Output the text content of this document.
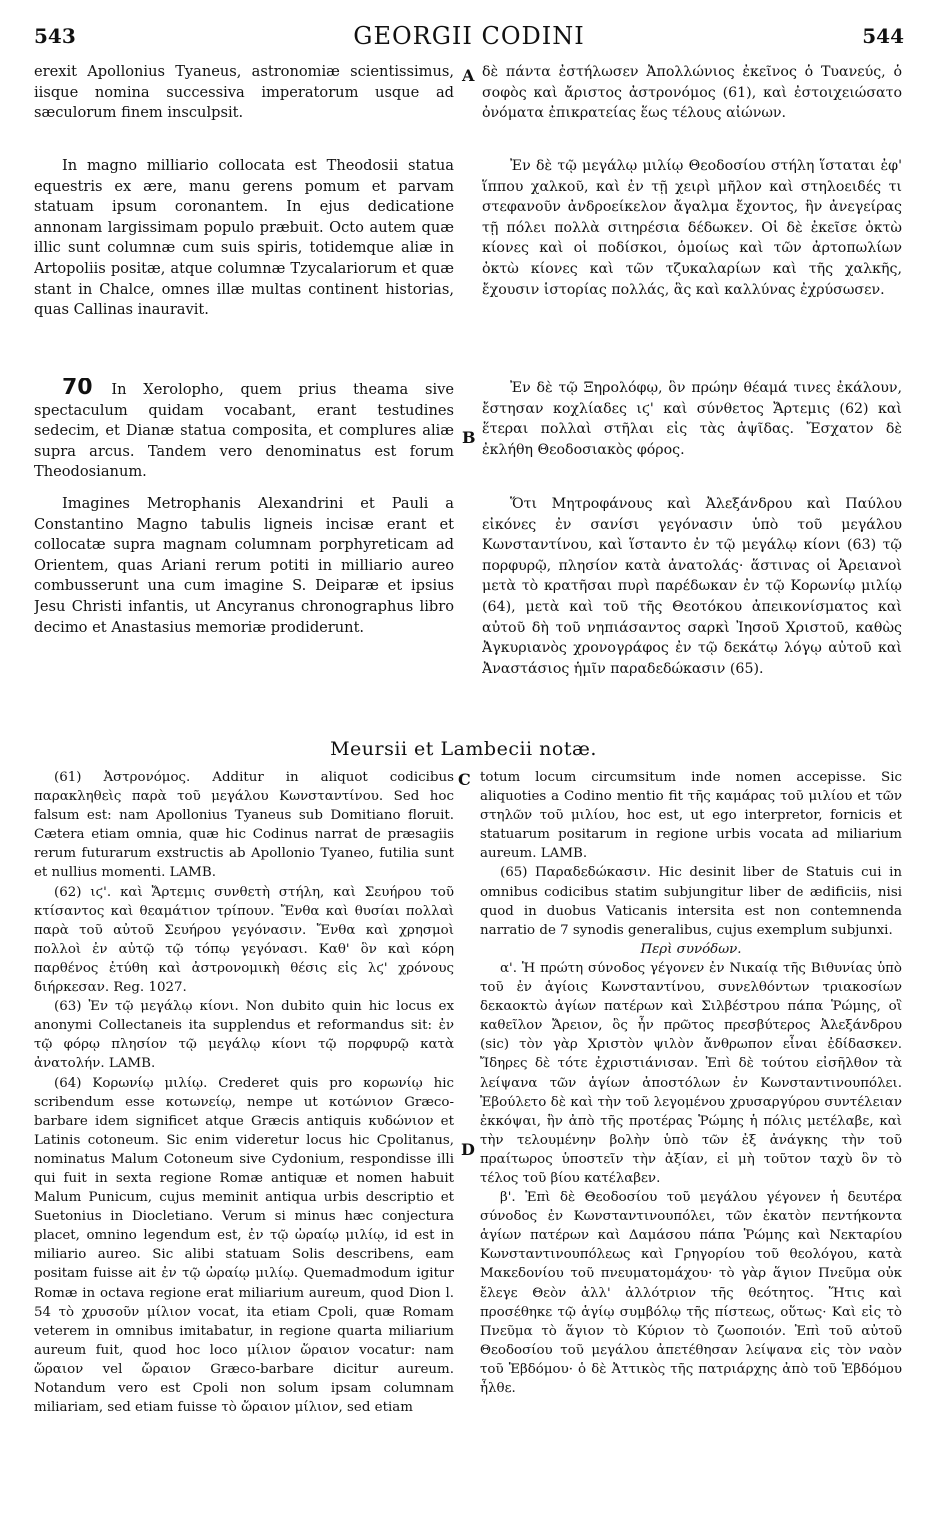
543	GEORGII CODINI	544

erexit Apollonius Tyaneus, astronomiæ scientissimus, iisque nomina successiva imperatorum usque ad sæculorum finem insculpsit.

In magno milliario collocata est Theodosii statua equestris ex ære, manu gerens pomum et parvam statuam ipsum coronantem. In ejus dedicatione annonam largissimam populo præbuit. Octo autem quæ illic sunt columnæ cum suis spiris, totidemque aliæ in Artopoliis positæ, atque columnæ Tzycalariorum et quæ stant in Chalce, omnes illæ multas continent historias, quas Callinas inauravit.

70 In Xerolopho, quem prius theama sive spectaculum quidam vocabant, erant testudines sedecim, et Dianæ statua composita, et complures aliæ supra arcus. Tandem vero denominatus est forum Theodosianum.

Imagines Metrophanis Alexandrini et Pauli a Constantino Magno tabulis ligneis incisæ erant et collocatæ supra magnam columnam porphyreticam ad Orientem, quas Ariani rerum potiti in milliario aureo combusserunt una cum imagine S. Deiparæ et ipsius Jesu Christi infantis, ut Ancyranus chronographus libro decimo et Anastasius memoriæ prodiderunt.

A
B
C
D

δὲ πάντα ἐστήλωσεν Ἀπολλώνιος ἐκεῖνος ὁ Τυανεύς, ὁ σοφὸς καὶ ἄριστος ἀστρονόμος (61), καὶ ἐστοιχειώσατο ὀνόματα ἐπικρατείας ἕως τέλους αἰώνων.

Ἐν δὲ τῷ μεγάλῳ μιλίῳ Θεοδοσίου στήλη ἵσταται ἐφ' ἵππου χαλκοῦ, καὶ ἐν τῇ χειρὶ μῆλον καὶ στηλοειδές τι στεφανοῦν ἀνδροείκελον ἄγαλμα ἔχοντος, ἣν ἀνεγείρας τῇ πόλει πολλὰ σιτηρέσια δέδωκεν. Οἱ δὲ ἐκεῖσε ὀκτὼ κίονες καὶ οἱ ποδίσκοι, ὁμοίως καὶ τῶν ἀρτοπωλίων ὀκτὼ κίονες καὶ τῶν τζυκαλαρίων καὶ τῆς χαλκῆς, ἔχουσιν ἱστορίας πολλάς, ἃς καὶ καλλύνας ἐχρύσωσεν.

Ἐν δὲ τῷ Ξηρολόφῳ, ὃν πρώην θέαμά τινες ἐκάλουν, ἔστησαν κοχλίαδες ιϛ' καὶ σύνθετος Ἄρτεμις (62) καὶ ἕτεραι πολλαὶ στῆλαι εἰς τὰς ἀψῖδας. Ἔσχατον δὲ ἐκλήθη Θεοδοσιακὸς φόρος.

Ὅτι Μητροφάνους καὶ Ἀλεξάνδρου καὶ Παύλου εἰκόνες ἐν σανίσι γεγόνασιν ὑπὸ τοῦ μεγάλου Κωνσταντίνου, καὶ ἵσταντο ἐν τῷ μεγάλῳ κίονι (63) τῷ πορφυρῷ, πλησίον κατὰ ἀνατολάς· ἅστινας οἱ Ἀρειανοὶ μετὰ τὸ κρατῆσαι πυρὶ παρέδωκαν ἐν τῷ Κορωνίῳ μιλίῳ (64), μετὰ καὶ τοῦ τῆς Θεοτόκου ἀπεικονίσματος καὶ αὐτοῦ δὴ τοῦ νηπιάσαντος σαρκὶ Ἰησοῦ Χριστοῦ, καθὼς Ἀγκυριανὸς χρονογράφος ἐν τῷ δεκάτῳ λόγῳ αὐτοῦ καὶ Ἀναστάσιος ἡμῖν παραδεδώκασιν (65).

Meursii et Lambecii notæ.

(61) Ἀστρονόμος. Additur in aliquot codicibus παρακληθεὶς παρὰ τοῦ μεγάλου Κωνσταντίνου. Sed hoc falsum est: nam Apollonius Tyaneus sub Domitiano floruit. Cætera etiam omnia, quæ hic Codinus narrat de præsagiis rerum futurarum exstructis ab Apollonio Tyaneo, futilia sunt et nullius momenti. LAMB.

(62) ιϛ'. καὶ Ἄρτεμις συνθετὴ στήλη, καὶ Σευήρου τοῦ κτίσαντος καὶ θεαμάτιον τρίπουν. Ἔνθα καὶ θυσίαι πολλαὶ παρὰ τοῦ αὐτοῦ Σευήρου γεγόνασιν. Ἔνθα καὶ χρησμοὶ πολλοὶ ἐν αὐτῷ τῷ τόπῳ γεγόνασι. Καθ' ὃν καὶ κόρη παρθένος ἐτύθη καὶ ἀστρονομικὴ θέσις εἰς λϛ' χρόνους διήρκεσαν. Reg. 1027.

(63) Ἐν τῷ μεγάλῳ κίονι. Non dubito quin hic locus ex anonymi Collectaneis ita supplendus et reformandus sit: ἐν τῷ φόρῳ πλησίον τῷ μεγάλῳ κίονι τῷ πορφυρῷ κατὰ ἀνατολήν. LAMB.

(64) Κορωνίῳ μιλίῳ. Crederet quis pro κορωνίῳ hic scribendum esse κοτωνείῳ, nempe ut κοτώνιον Græco-barbare idem significet atque Græcis antiquis κυδώνιον et Latinis cotoneum. Sic enim videretur locus hic Cpolitanus, nominatus Malum Cotoneum sive Cydonium, respondisse illi qui fuit in sexta regione Romæ antiquæ et nomen habuit Malum Punicum, cujus meminit antiqua urbis descriptio et Suetonius in Diocletiano. Verum si minus hæc conjectura placet, omnino legendum est, ἐν τῷ ὠραίῳ μιλίῳ, id est in miliario aureo. Sic alibi statuam Solis describens, eam positam fuisse ait ἐν τῷ ὠραίῳ μιλίῳ. Quemadmodum igitur Romæ in octava regione erat miliarium aureum, quod Dion l. 54 τὸ χρυσοῦν μίλιον vocat, ita etiam Cpoli, quæ Romam veterem in omnibus imitabatur, in regione quarta miliarium aureum fuit, quod hoc loco μίλιον ὥραιον vocatur: nam ὥραιον vel ὤραιον Græco-barbare dicitur aureum. Notandum vero est Cpoli non solum ipsam columnam miliariam, sed etiam fuisse τὸ ὥραιον μίλιον, sed etiam

totum locum circumsitum inde nomen accepisse. Sic aliquoties a Codino mentio fit τῆς καμάρας τοῦ μιλίου et τῶν στηλῶν τοῦ μιλίου, hoc est, ut ego interpretor, fornicis et statuarum positarum in regione urbis vocata ad miliarium aureum. LAMB.

(65) Παραδεδώκασιν. Hic desinit liber de Statuis cui in omnibus codicibus statim subjungitur liber de ædificiis, nisi quod in duobus Vaticanis intersita est non contemnenda narratio de 7 synodis generalibus, cujus exemplum subjunxi.

Περὶ συνόδων.

α'. Ἡ πρώτη σύνοδος γέγονεν ἐν Νικαίᾳ τῆς Βιθυνίας ὑπὸ τοῦ ἐν ἁγίοις Κωνσταντίνου, συνελθόντων τριακοσίων δεκαοκτὼ ἁγίων πατέρων καὶ Σιλβέστρου πάπα Ῥώμης, οἳ καθεῖλον Ἄρειον, ὃς ἦν πρῶτος πρεσβύτερος Ἀλεξάνδρου (sic) τὸν γὰρ Χριστὸν ψιλὸν ἄνθρωπον εἶναι ἐδίδασκεν. Ἴδηρες δὲ τότε ἐχριστιάνισαν. Ἐπὶ δὲ τούτου εἰσῆλθον τὰ λείψανα τῶν ἁγίων ἀποστόλων ἐν Κωνσταντινουπόλει. Ἐβούλετο δὲ καὶ τὴν τοῦ λεγομένου χρυσαργύρου συντέλειαν ἐκκόψαι, ἣν ἀπὸ τῆς προτέρας Ῥώμης ἡ πόλις μετέλαβε, καὶ τὴν τελουμένην βολὴν ὑπὸ τῶν ἐξ ἀνάγκης τὴν τοῦ πραίτωρος ὑποστεῖν τὴν ἀξίαν, εἰ μὴ τοῦτον ταχὺ ὃν τὸ τέλος τοῦ βίου κατέλαβεν.

β'. Ἐπὶ δὲ Θεοδοσίου τοῦ μεγάλου γέγονεν ἡ δευτέρα σύνοδος ἐν Κωνσταντινουπόλει, τῶν ἑκατὸν πεντήκοντα ἁγίων πατέρων καὶ Δαμάσου πάπα Ῥώμης καὶ Νεκταρίου Κωνσταντινουπόλεως καὶ Γρηγορίου τοῦ θεολόγου, κατὰ Μακεδονίου τοῦ πνευματομάχου· τὸ γὰρ ἅγιον Πνεῦμα οὐκ ἔλεγε Θεὸν ἀλλ' ἀλλότριον τῆς θεότητος. Ἥτις καὶ προσέθηκε τῷ ἁγίῳ συμβόλῳ τῆς πίστεως, οὕτως· Καὶ εἰς τὸ Πνεῦμα τὸ ἅγιον τὸ Κύριον τὸ ζωοποιόν. Ἐπὶ τοῦ αὐτοῦ Θεοδοσίου τοῦ μεγάλου ἀπετέθησαν λείψανα εἰς τὸν ναὸν τοῦ Ἑβδόμου· ὁ δὲ Ἀττικὸς τῆς πατριάρχης ἀπὸ τοῦ Ἑβδόμου ἦλθε.
